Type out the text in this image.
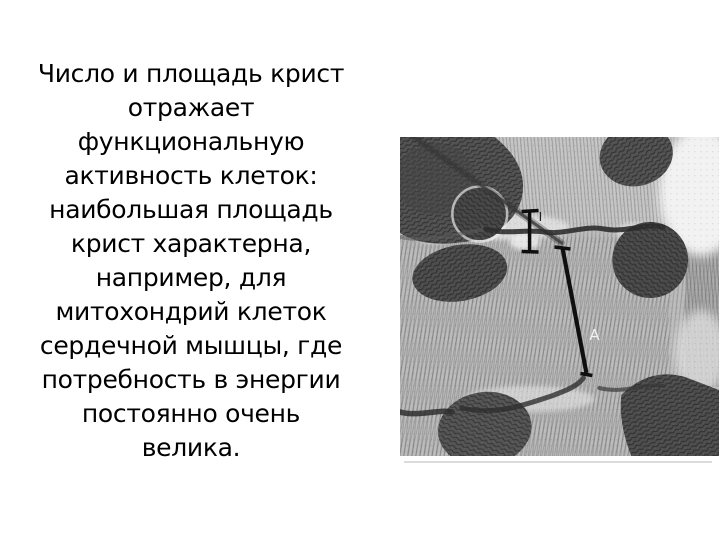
Число и площадь крист
отражает
функциональную
активность клеток:
наибольшая площадь
крист характерна,
например, для
митохондрий клеток
сердечной мышцы, где
потребность в энергии
постоянно очень
велика.
I
A
